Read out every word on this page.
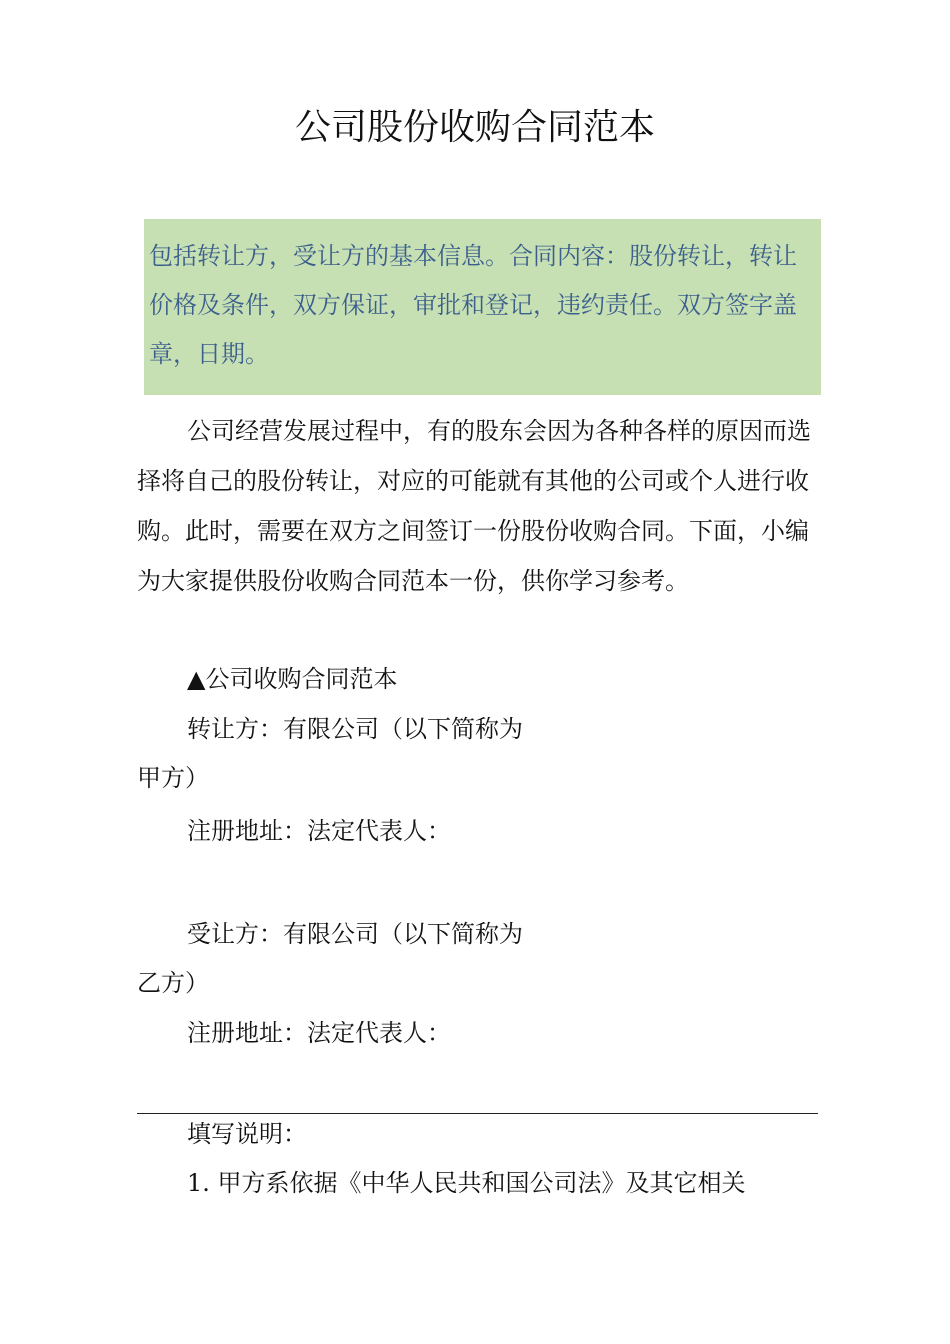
公司股份收购合同范本
包括转让方，受让方的基本信息。合同内容：股份转让，转让价格及条件，双方保证，审批和登记，违约责任。双方签字盖章，日期。
公司经营发展过程中，有的股东会因为各种各样的原因而选择将自己的股份转让，对应的可能就有其他的公司或个人进行收购。此时，需要在双方之间签订一份股份收购合同。下面，小编为大家提供股份收购合同范本一份，供你学习参考。
▲公司收购合同范本
转让方：有限公司（以下简称为
甲方）
注册地址：法定代表人：
受让方：有限公司（以下简称为
乙方）
注册地址：法定代表人：
填写说明：
1. 甲方系依据《中华人民共和国公司法》及其它相关
